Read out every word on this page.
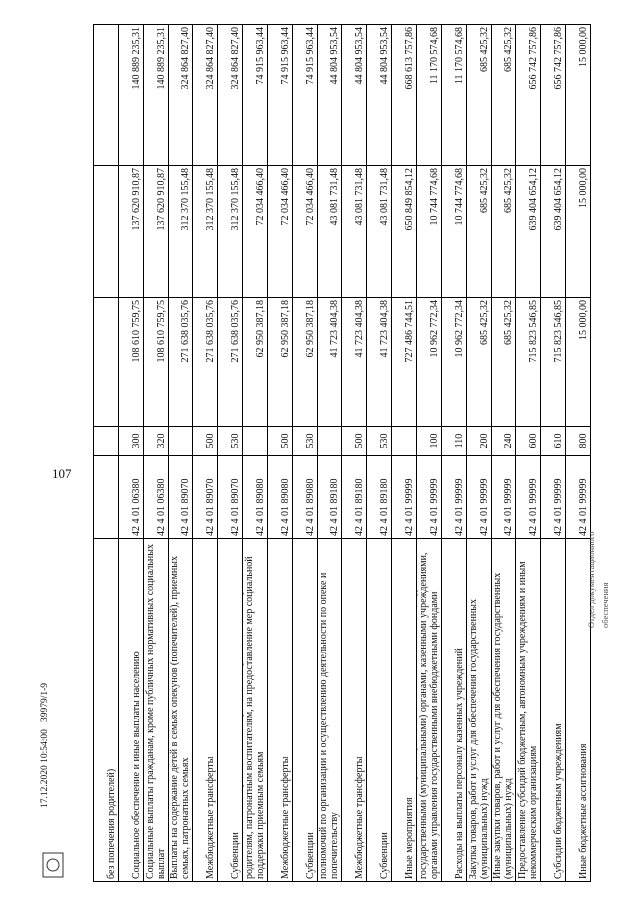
без попечения родителей)	Социальное обеспечение и иные выплаты населению
42 4 01 06380
300
108 610 759,75
137 620 910,87
140 889 235,31
Социальные выплаты гражданам, кроме публичных нормативных социальных выплат
42 4 01 06380
320
108 610 759,75
137 620 910,87
140 889 235,31
Выплаты на содержание детей в семьях опекунов (попечителей), приемных семьях, патронатных семьях
42 4 01 89070
271 638 035,76
312 370 155,48
324 864 827,40
Межбюджетные трансферты
42 4 01 89070
500
271 638 035,76
312 370 155,48
324 864 827,40
Субвенции
42 4 01 89070
530
271 638 035,76
312 370 155,48
324 864 827,40
родителям, патронатным воспитателям, на предоставление мер социальной поддержки приемным семьям
42 4 01 89080
62 950 387,18
72 034 466,40
74 915 963,44
Межбюджетные трансферты
42 4 01 89080
500
62 950 387,18
72 034 466,40
74 915 963,44
Субвенции
42 4 01 89080
530
62 950 387,18
72 034 466,40
74 915 963,44
полномочий по организации и осуществлению деятельности по опеке и попечительству
42 4 01 89180
41 723 404,38
43 081 731,48
44 804 953,54
Межбюджетные трансферты
42 4 01 89180
500
41 723 404,38
43 081 731,48
44 804 953,54
Субвенции
42 4 01 89180
530
41 723 404,38
43 081 731,48
44 804 953,54
Иные мероприятия
42 4 01 99999
727 486 744,51
650 849 854,12
668 613 757,86
государственными (муниципальными) органами, казенными учреждениями, органами управления государственными внебюджетными фондами
42 4 01 99999
100
10 962 772,34
10 744 774,68
11 170 574,68
Расходы на выплаты персоналу казенных учреждений
42 4 01 99999
110
10 962 772,34
10 744 774,68
11 170 574,68
Закупка товаров, работ и услуг для обеспечения государственных (муниципальных) нужд
42 4 01 99999
200
685 425,32
685 425,32
685 425,32
Иные закупки товаров, работ и услуг для обеспечения государственных (муниципальных) нужд
42 4 01 99999
240
685 425,32
685 425,32
685 425,32
Предоставление субсидий бюджетным, автономным учреждениям и иным некоммерческим организациям
42 4 01 99999
600
715 823 546,85
639 404 654,12
656 742 757,86
Субсидии бюджетным учреждениям
42 4 01 99999
610
715 823 546,85
639 404 654,12
656 742 757,86
Иные бюджетные ассигнования
42 4 01 99999
800
15 000,00
15 000,00
15 000,00
107
17.12.2020 10:54:00
39979/1-9
Отдел документационного обеспечения
